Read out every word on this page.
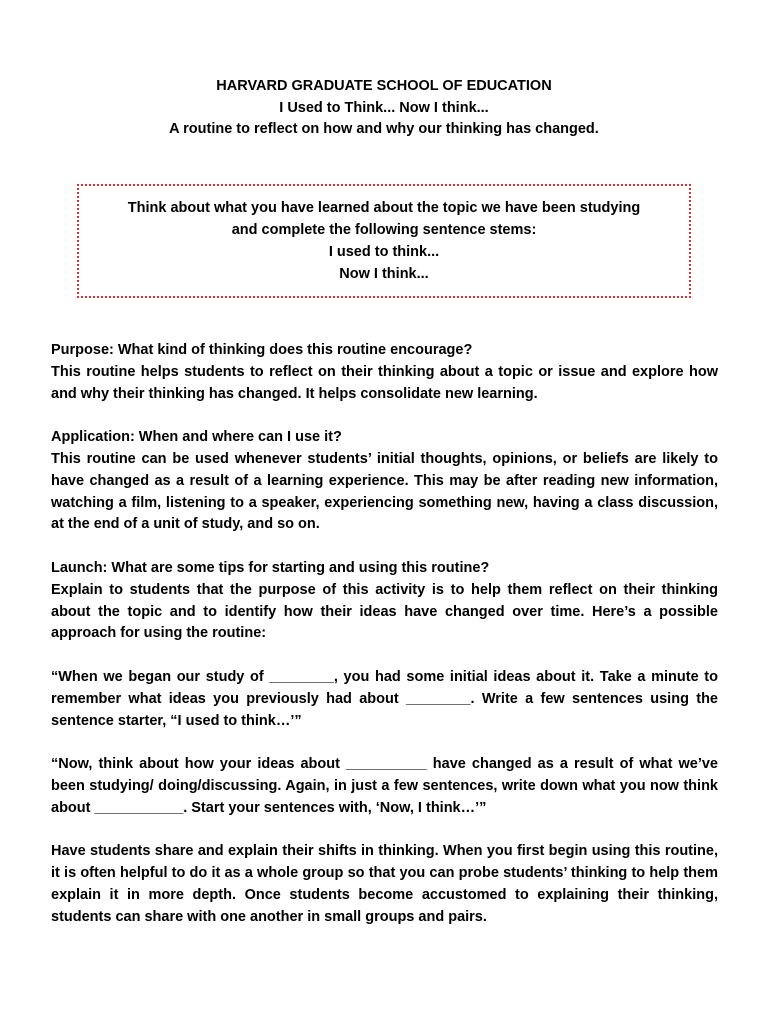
HARVARD GRADUATE SCHOOL OF EDUCATION
I Used to Think... Now I think...
A routine to reflect on how and why our thinking has changed.
Think about what you have learned about the topic we have been studying
and complete the following sentence stems:
I used to think...
Now I think...
Purpose: What kind of thinking does this routine encourage?
This routine helps students to reflect on their thinking about a topic or issue and explore how and why their thinking has changed. It helps consolidate new learning.
Application: When and where can I use it?
This routine can be used whenever students’ initial thoughts, opinions, or beliefs are likely to have changed as a result of a learning experience. This may be after reading new information, watching a film, listening to a speaker, experiencing something new, having a class discussion, at the end of a unit of study, and so on.
Launch: What are some tips for starting and using this routine?
Explain to students that the purpose of this activity is to help them reflect on their thinking about the topic and to identify how their ideas have changed over time. Here’s a possible approach for using the routine:
“When we began our study of ________, you had some initial ideas about it. Take a minute to remember what ideas you previously had about ________. Write a few sentences using the sentence starter, “I used to think…’”
“Now, think about how your ideas about __________ have changed as a result of what we’ve been studying/ doing/discussing. Again, in just a few sentences, write down what you now think about ___________. Start your sentences with, ‘Now, I think…’”
Have students share and explain their shifts in thinking. When you first begin using this routine, it is often helpful to do it as a whole group so that you can probe students’ thinking to help them explain it in more depth. Once students become accustomed to explaining their thinking, students can share with one another in small groups and pairs.
